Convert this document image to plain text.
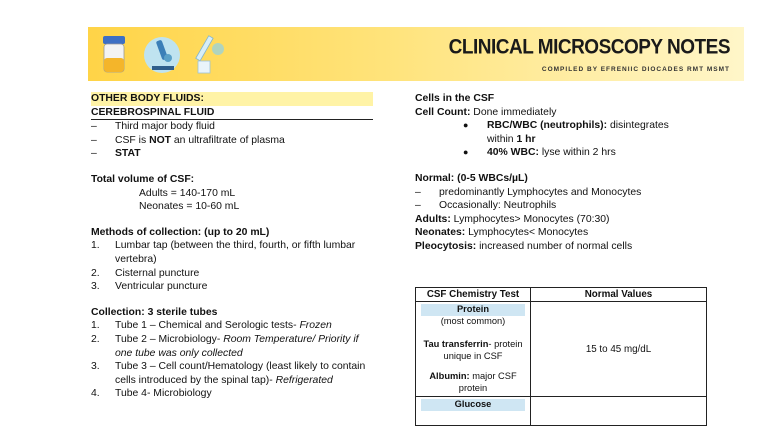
CLINICAL MICROSCOPY NOTES
COMPILED BY EFRENIIC DIOCADES RMT MSMT
OTHER BODY FLUIDS:
CEREBROSPINAL FLUID
–	Third major body fluid
–	CSF is NOT an ultrafiltrate of plasma
–	STAT
Total volume of CSF:
Adults = 140-170 mL
Neonates = 10-60 mL
Methods of collection: (up to 20 mL)
1.	Lumbar tap (between the third, fourth, or fifth lumbar vertebra)
2.	Cisternal puncture
3.	Ventricular puncture
Collection: 3 sterile tubes
1.	Tube 1 – Chemical and Serologic tests- Frozen
2.	Tube 2 – Microbiology- Room Temperature/ Priority if one tube was only collected
3.	Tube 3 – Cell count/Hematology (least likely to contain cells introduced by the spinal tap)- Refrigerated
4.	Tube 4- Microbiology
Cells in the CSF
Cell Count: Done immediately
●	RBC/WBC (neutrophils): disintegrates within 1 hr
●	40% WBC: lyse within 2 hrs
Normal: (0-5 WBCs/µL)
–	predominantly Lymphocytes and Monocytes
–	Occasionally: Neutrophils
Adults: Lymphocytes> Monocytes (70:30)
Neonates: Lymphocytes< Monocytes
Pleocytosis: increased number of normal cells
CSF Chemistry Test	Normal Values

Protein
(most common)
Tau transferrin- protein unique in CSF
Albumin: major CSF protein	15 to 45 mg/dL

Glucose	
